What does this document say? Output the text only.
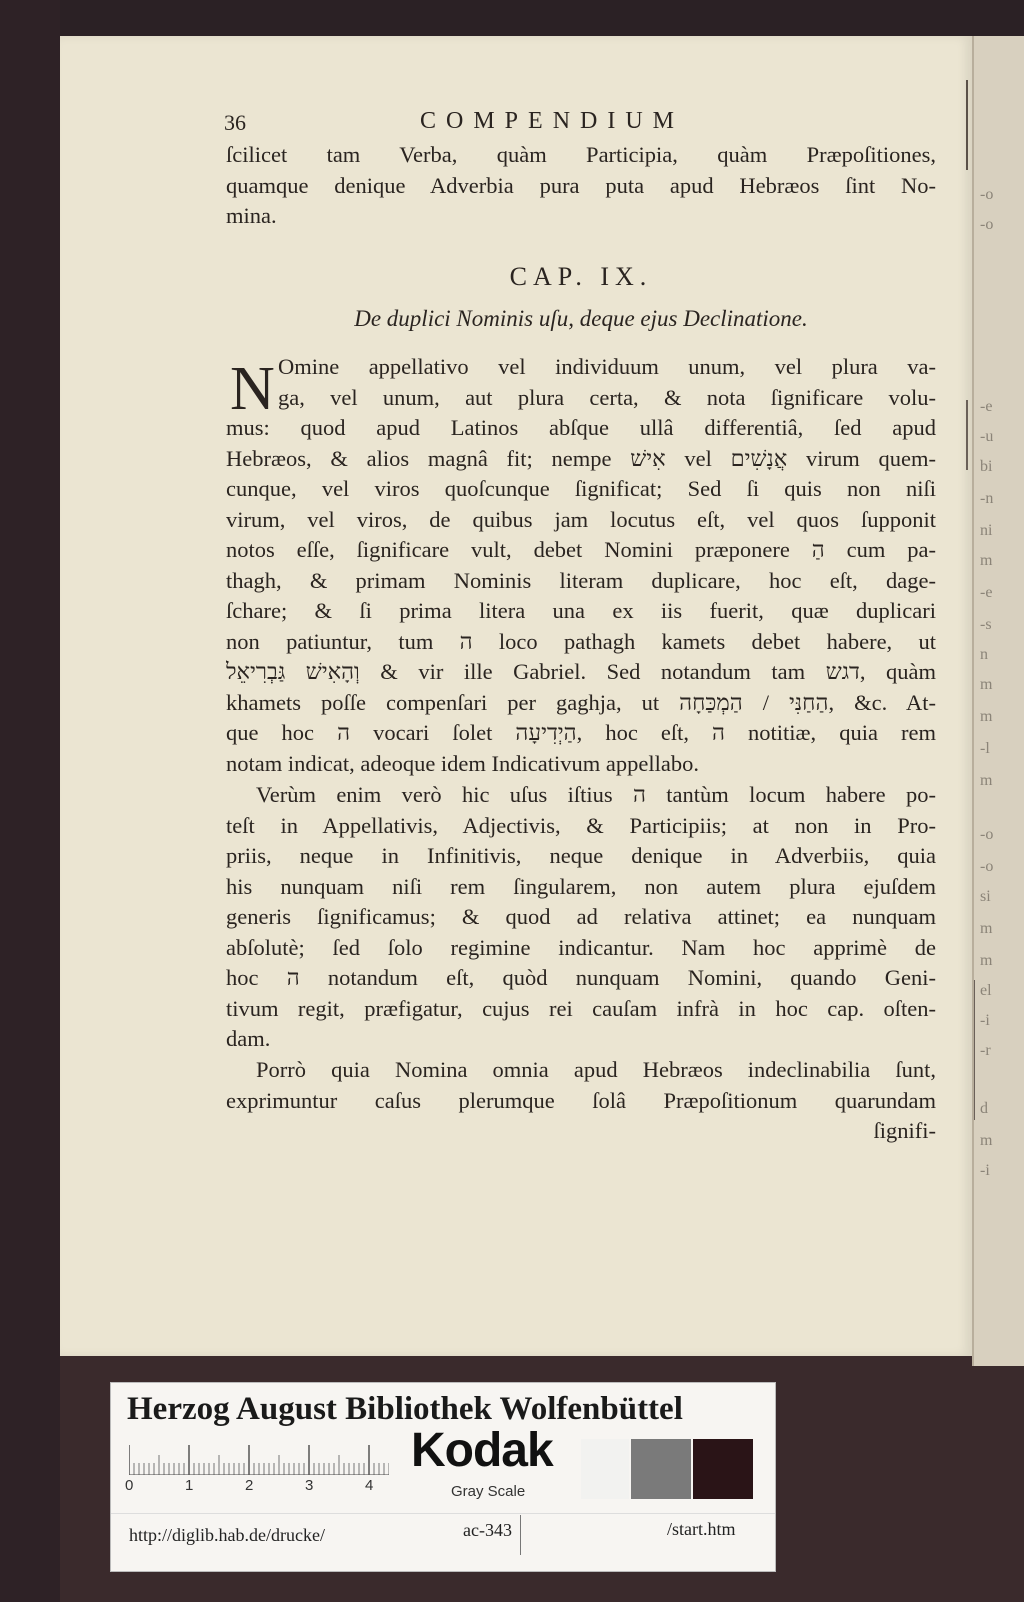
-o
-o
-e
-u
bi
-n
ni
m
-e
-s
n
m
m
-l
m
-o
-o
si
m
m
el
-i
-r
d
m
-i
36	COMPENDIUM
ſcilicet tam Verba, quàm Participia, quàm Præpoſitiones,
quamque denique Adverbia pura puta apud Hebræos ſint No-
mina.
CAP. IX.
De duplici Nominis uſu, deque ejus Declinatione.
N Omine appellativo vel individuum unum, vel plura va-
ga, vel unum, aut plura certa, & nota ſignificare volu-
mus: quod apud Latinos abſque ullâ differentiâ, ſed apud
Hebræos, & alios magnâ fit; nempe אִישׁ vel אֲנָשִׁים virum quem-
cunque, vel viros quoſcunque ſignificat; Sed ſi quis non niſi
virum, vel viros, de quibus jam locutus eſt, vel quos ſupponit
notos eſſe, ſignificare vult, debet Nomini præponere הַ cum pa-
thagh, & primam Nominis literam duplicare, hoc eſt, dage-
ſchare; & ſi prima litera una ex iis fuerit, quæ duplicari
non patiuntur, tum ה loco pathagh kamets debet habere, ut
וְהָאִישׁ גַּבְרִיאֵל & vir ille Gabriel. Sed notandum tam דגש, quàm
khamets poſſe compenſari per gaghja, ut הַחַנִּי / הַמְכַּחָה, &c. At-
que hoc ה vocari ſolet הַיְדִיעָה, hoc eſt, ה notitiæ, quia rem
notam indicat, adeoque idem Indicativum appellabo.
Verùm enim verò hic uſus iſtius ה tantùm locum habere po-
teſt in Appellativis, Adjectivis, & Participiis; at non in Pro-
priis, neque in Infinitivis, neque denique in Adverbiis, quia
his nunquam niſi rem ſingularem, non autem plura ejuſdem
generis ſignificamus; & quod ad relativa attinet; ea nunquam
abſolutè; ſed ſolo regimine indicantur. Nam hoc apprimè de
hoc ה notandum eſt, quòd nunquam Nomini, quando Geni-
tivum regit, præfigatur, cujus rei cauſam infrà in hoc cap. oſten-
dam.
Porrò quia Nomina omnia apud Hebræos indeclinabilia ſunt,
exprimuntur caſus plerumque ſolâ Præpoſitionum quarundam
ſignifi-
Herzog August Bibliothek Wolfenbüttel
0	1	2	3	4
Kodak
Gray Scale
http://diglib.hab.de/drucke/	ac-343	/start.htm
